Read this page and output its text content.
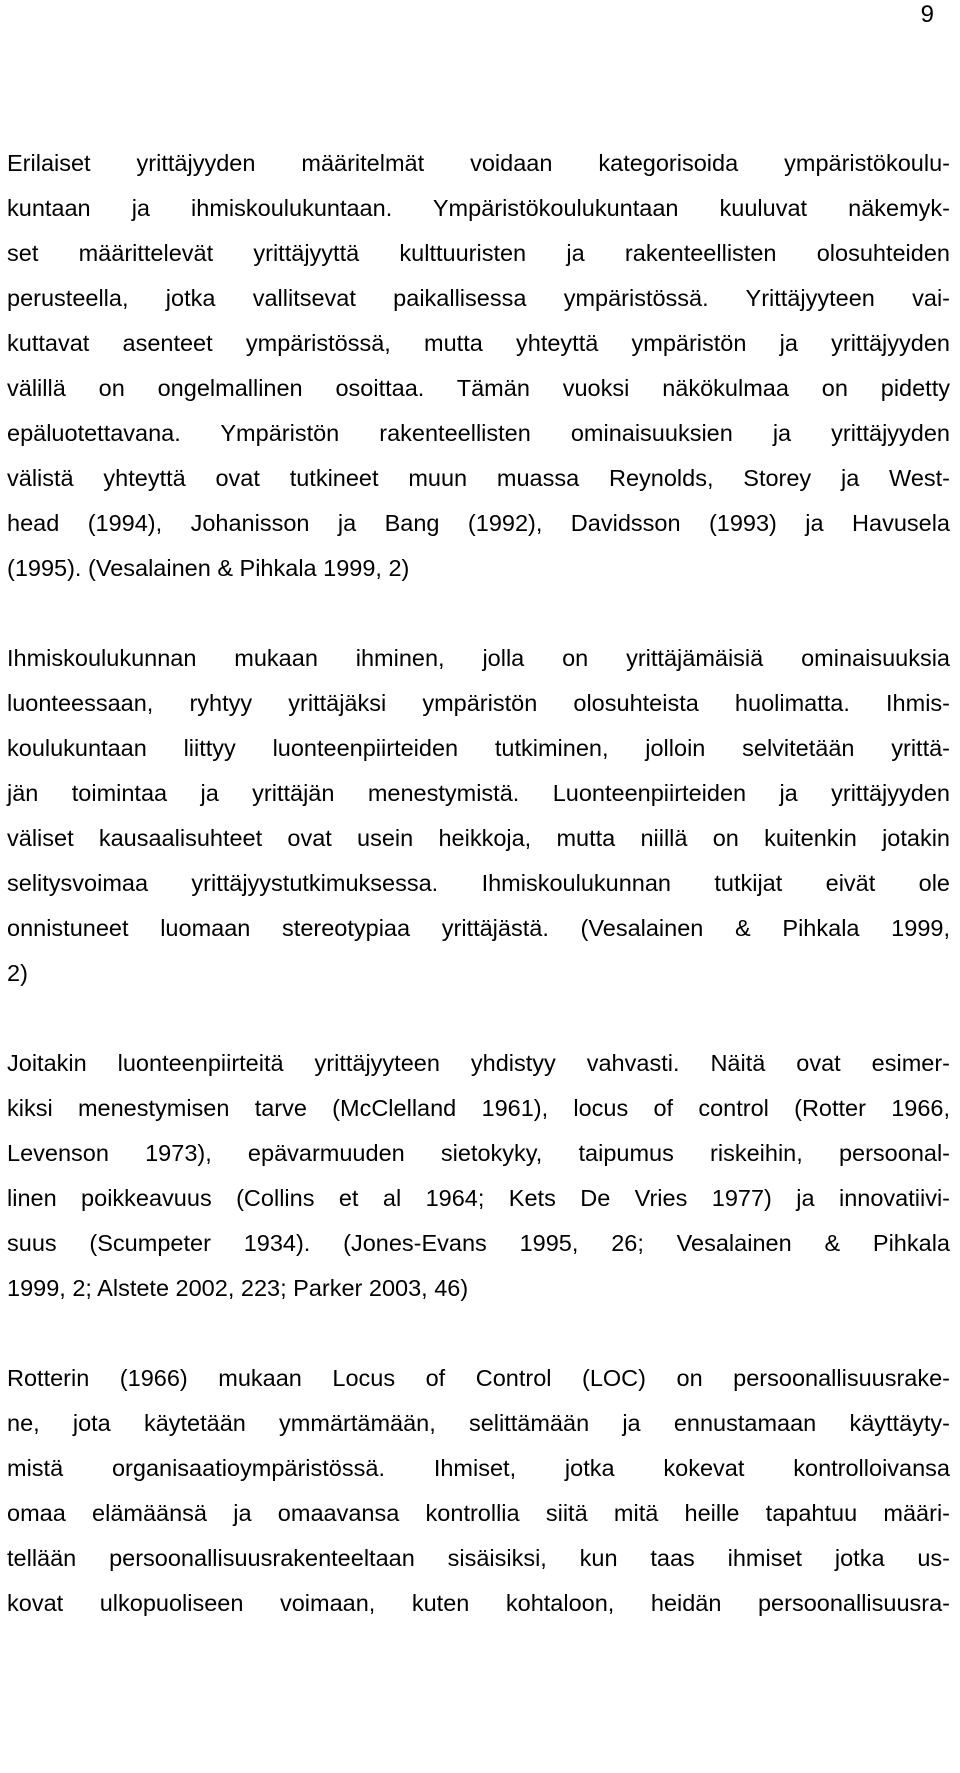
9
Erilaiset yrittäjyyden määritelmät voidaan kategorisoida ympäristökoulu-
kuntaan ja ihmiskoulukuntaan. Ympäristökoulukuntaan kuuluvat näkemyk-
set määrittelevät yrittäjyyttä kulttuuristen ja rakenteellisten olosuhteiden
perusteella, jotka vallitsevat paikallisessa ympäristössä. Yrittäjyyteen vai-
kuttavat asenteet ympäristössä, mutta yhteyttä ympäristön ja yrittäjyyden
välillä on ongelmallinen osoittaa. Tämän vuoksi näkökulmaa on pidetty
epäluotettavana. Ympäristön rakenteellisten ominaisuuksien ja yrittäjyyden
välistä yhteyttä ovat tutkineet muun muassa Reynolds, Storey ja West-
head (1994), Johanisson ja Bang (1992), Davidsson (1993) ja Havusela
(1995). (Vesalainen & Pihkala 1999, 2)
Ihmiskoulukunnan mukaan ihminen, jolla on yrittäjämäisiä ominaisuuksia
luonteessaan, ryhtyy yrittäjäksi ympäristön olosuhteista huolimatta. Ihmis-
koulukuntaan liittyy luonteenpiirteiden tutkiminen, jolloin selvitetään yrittä-
jän toimintaa ja yrittäjän menestymistä. Luonteenpiirteiden ja yrittäjyyden
väliset kausaalisuhteet ovat usein heikkoja, mutta niillä on kuitenkin jotakin
selitysvoimaa yrittäjyystutkimuksessa. Ihmiskoulukunnan tutkijat eivät ole
onnistuneet luomaan stereotypiaa yrittäjästä. (Vesalainen & Pihkala 1999,
2)
Joitakin luonteenpiirteitä yrittäjyyteen yhdistyy vahvasti. Näitä ovat esimer-
kiksi menestymisen tarve (McClelland 1961), locus of control (Rotter 1966,
Levenson 1973), epävarmuuden sietokyky, taipumus riskeihin, persoonal-
linen poikkeavuus (Collins et al 1964; Kets De Vries 1977) ja innovatiivi-
suus (Scumpeter 1934). (Jones-Evans 1995, 26; Vesalainen & Pihkala
1999, 2; Alstete 2002, 223; Parker 2003, 46)
Rotterin (1966) mukaan Locus of Control (LOC) on persoonallisuusrake-
ne, jota käytetään ymmärtämään, selittämään ja ennustamaan käyttäyty-
mistä organisaatioympäristössä. Ihmiset, jotka kokevat kontrolloivansa
omaa elämäänsä ja omaavansa kontrollia siitä mitä heille tapahtuu määri-
tellään persoonallisuusrakenteeltaan sisäisiksi, kun taas ihmiset jotka us-
kovat ulkopuoliseen voimaan, kuten kohtaloon, heidän persoonallisuusra-
